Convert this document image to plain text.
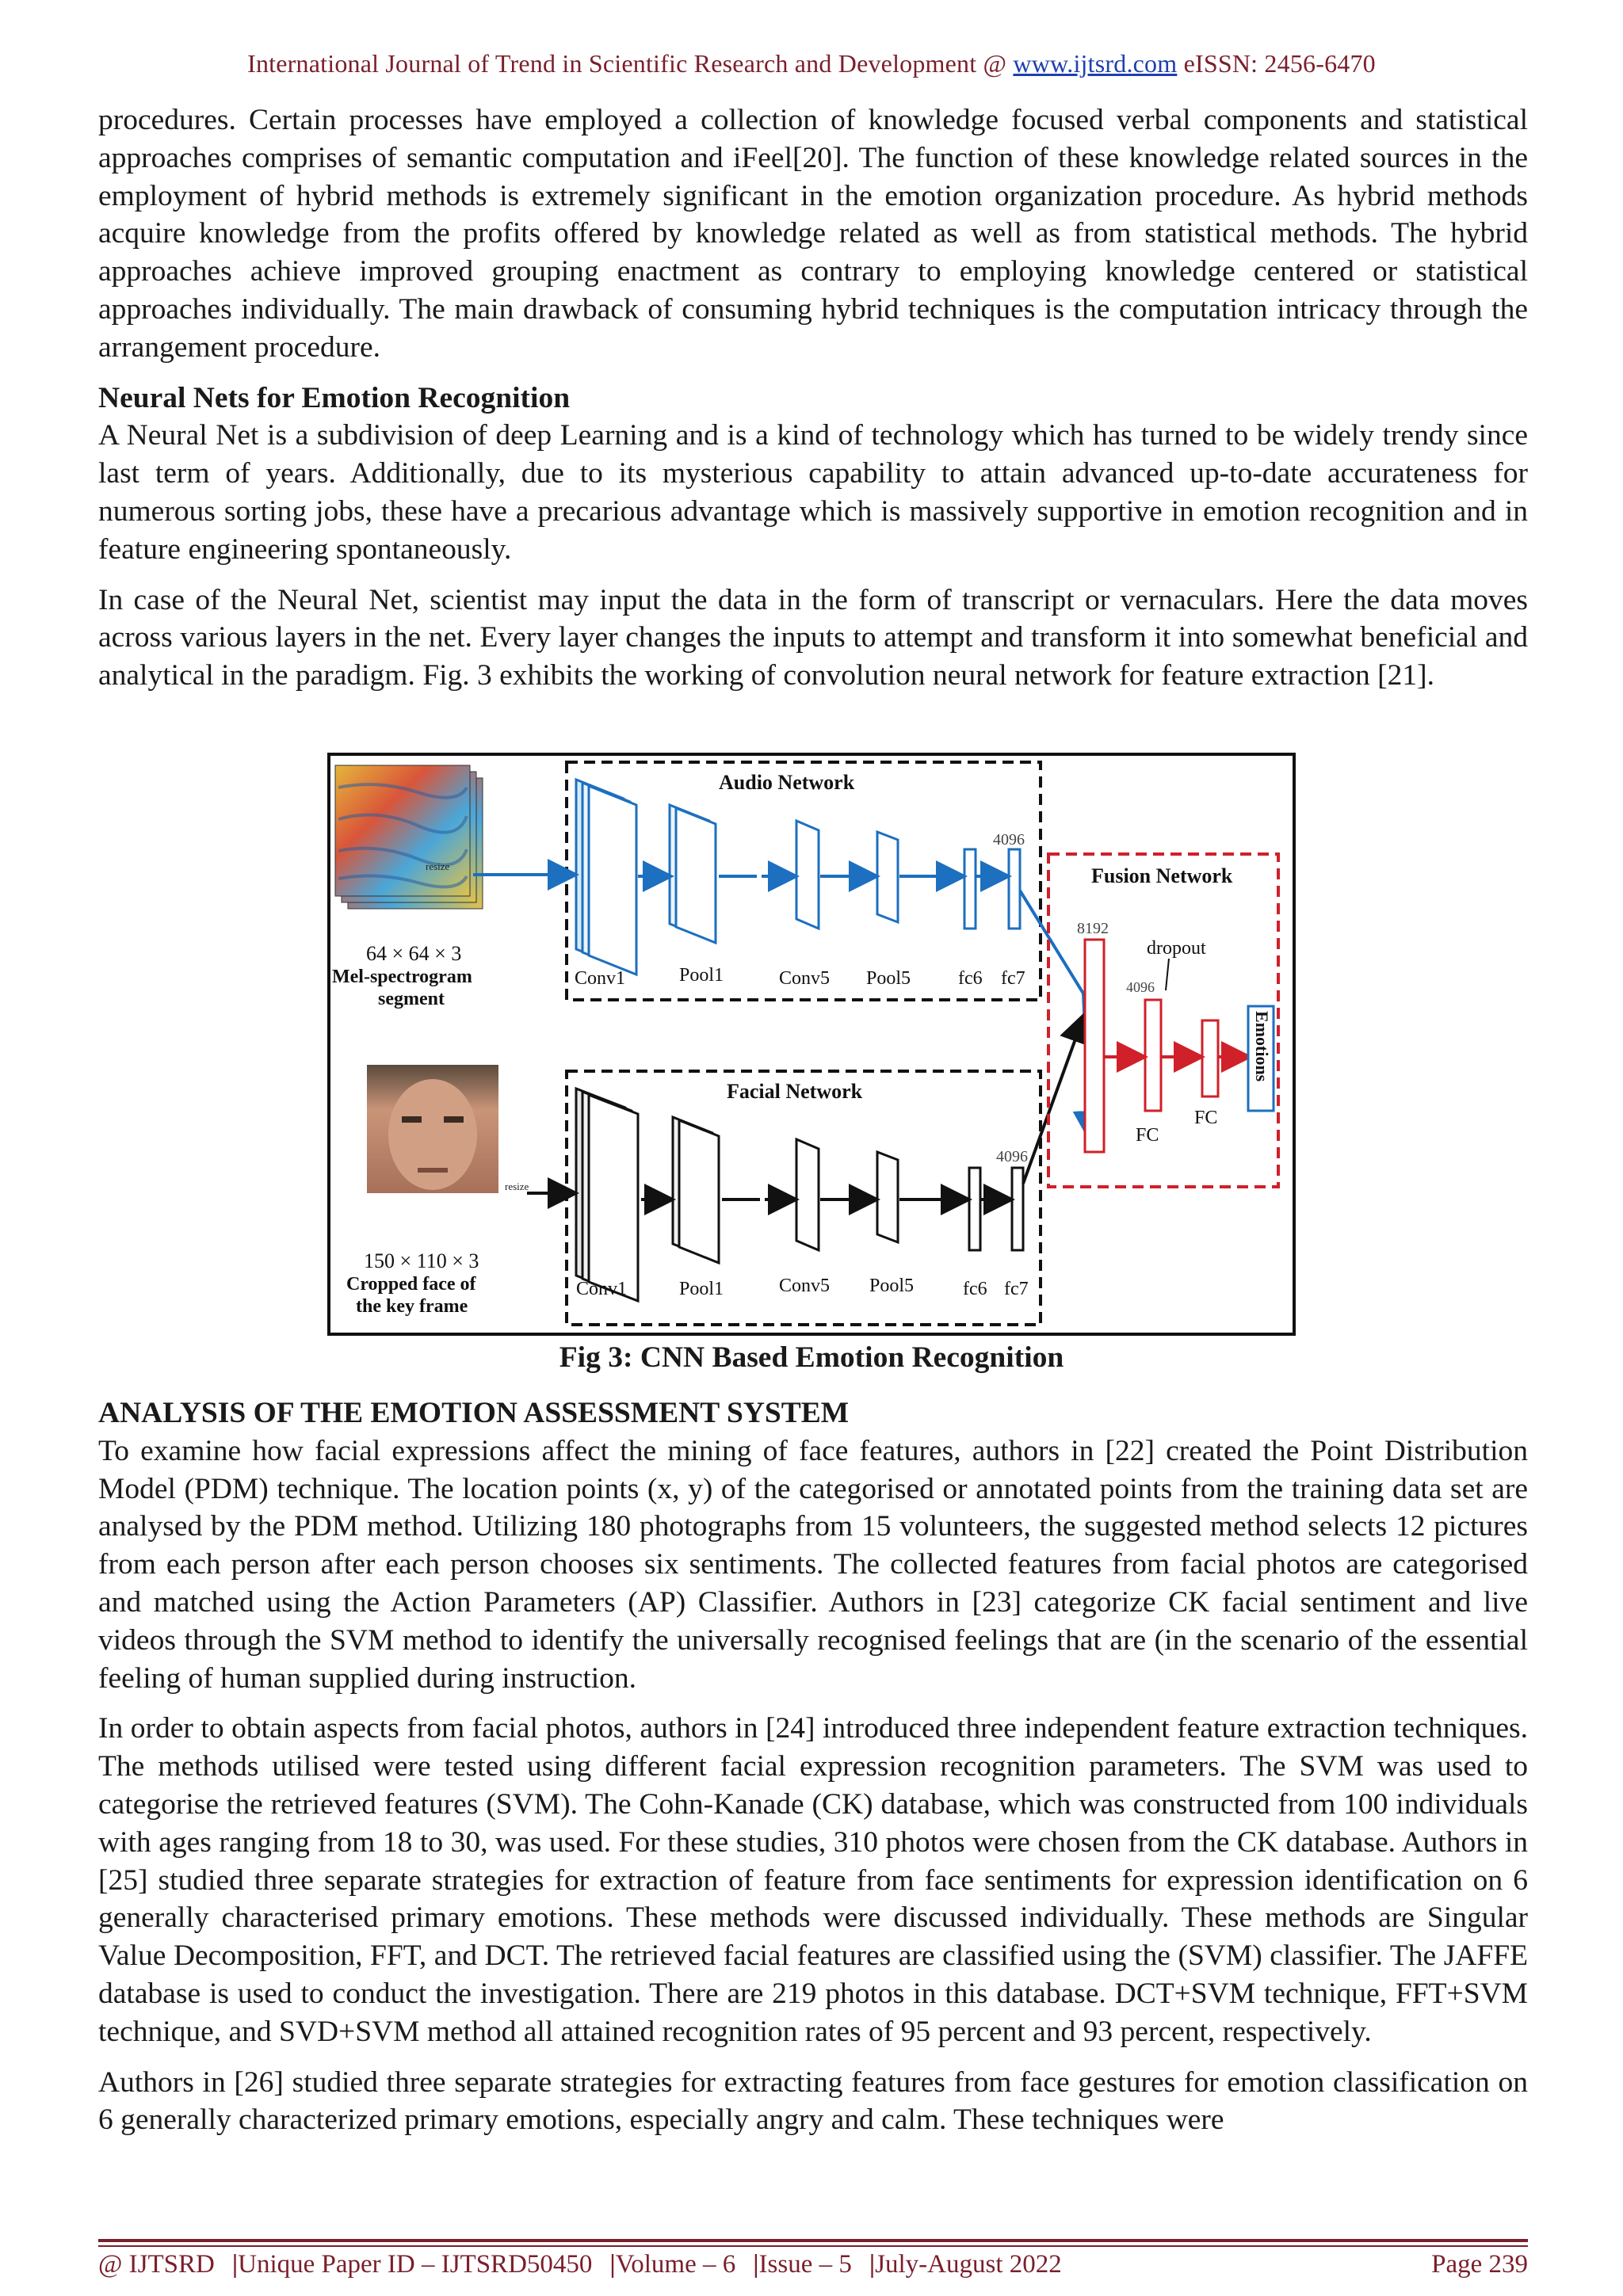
International Journal of Trend in Scientific Research and Development @ www.ijtsrd.com eISSN: 2456-6470

procedures. Certain processes have employed a collection of knowledge focused verbal components and statistical approaches comprises of semantic computation and iFeel[20]. The function of these knowledge related sources in the employment of hybrid methods is extremely significant in the emotion organization procedure. As hybrid methods acquire knowledge from the profits offered by knowledge related as well as from statistical methods. The hybrid approaches achieve improved grouping enactment as contrary to employing knowledge centered or statistical approaches individually. The main drawback of consuming hybrid techniques is the computation intricacy through the arrangement procedure.

Neural Nets for Emotion Recognition

A Neural Net is a subdivision of deep Learning and is a kind of technology which has turned to be widely trendy since last term of years. Additionally, due to its mysterious capability to attain advanced up-to-date accurateness for numerous sorting jobs, these have a precarious advantage which is massively supportive in emotion recognition and in feature engineering spontaneously.

In case of the Neural Net, scientist may input the data in the form of transcript or vernaculars. Here the data moves across various layers in the net. Every layer changes the inputs to attempt and transform it into somewhat beneficial and analytical in the paradigm. Fig. 3 exhibits the working of convolution neural network for feature extraction [21].

resize
64 × 64 × 3
Mel-spectrogram
segment
resize
150 × 110 × 3
Cropped face of
the key frame
Audio Network
4096
Conv1	Pool1	Conv5 Pool5 fc6 fc7
Facial Network
4096
Conv1	Pool1	Conv5 Pool5	fc6 fc7
Fusion Network
8192
dropout
4096
FC
FC
Emotions
Fig 3: CNN Based Emotion Recognition
ANALYSIS OF THE EMOTION ASSESSMENT SYSTEM

To examine how facial expressions affect the mining of face features, authors in [22] created the Point Distribution Model (PDM) technique. The location points (x, y) of the categorised or annotated points from the training data set are analysed by the PDM method. Utilizing 180 photographs from 15 volunteers, the suggested method selects 12 pictures from each person after each person chooses six sentiments. The collected features from facial photos are categorised and matched using the Action Parameters (AP) Classifier. Authors in [23] categorize CK facial sentiment and live videos through the SVM method to identify the universally recognised feelings that are (in the scenario of the essential feeling of human supplied during instruction.

In order to obtain aspects from facial photos, authors in [24] introduced three independent feature extraction techniques. The methods utilised were tested using different facial expression recognition parameters. The SVM was used to categorise the retrieved features (SVM). The Cohn-Kanade (CK) database, which was constructed from 100 individuals with ages ranging from 18 to 30, was used. For these studies, 310 photos were chosen from the CK database. Authors in [25] studied three separate strategies for extraction of feature from face sentiments for expression identification on 6 generally characterised primary emotions. These methods were discussed individually. These methods are Singular Value Decomposition, FFT, and DCT. The retrieved facial features are classified using the (SVM) classifier. The JAFFE database is used to conduct the investigation. There are 219 photos in this database. DCT+SVM technique, FFT+SVM technique, and SVD+SVM method all attained recognition rates of 95 percent and 93 percent, respectively.

Authors in [26] studied three separate strategies for extracting features from face gestures for emotion classification on 6 generally characterized primary emotions, especially angry and calm. These techniques were

@ IJTSRD |Unique Paper ID – IJTSRD50450 |Volume – 6 |Issue – 5 |July-August 2022	Page 239
